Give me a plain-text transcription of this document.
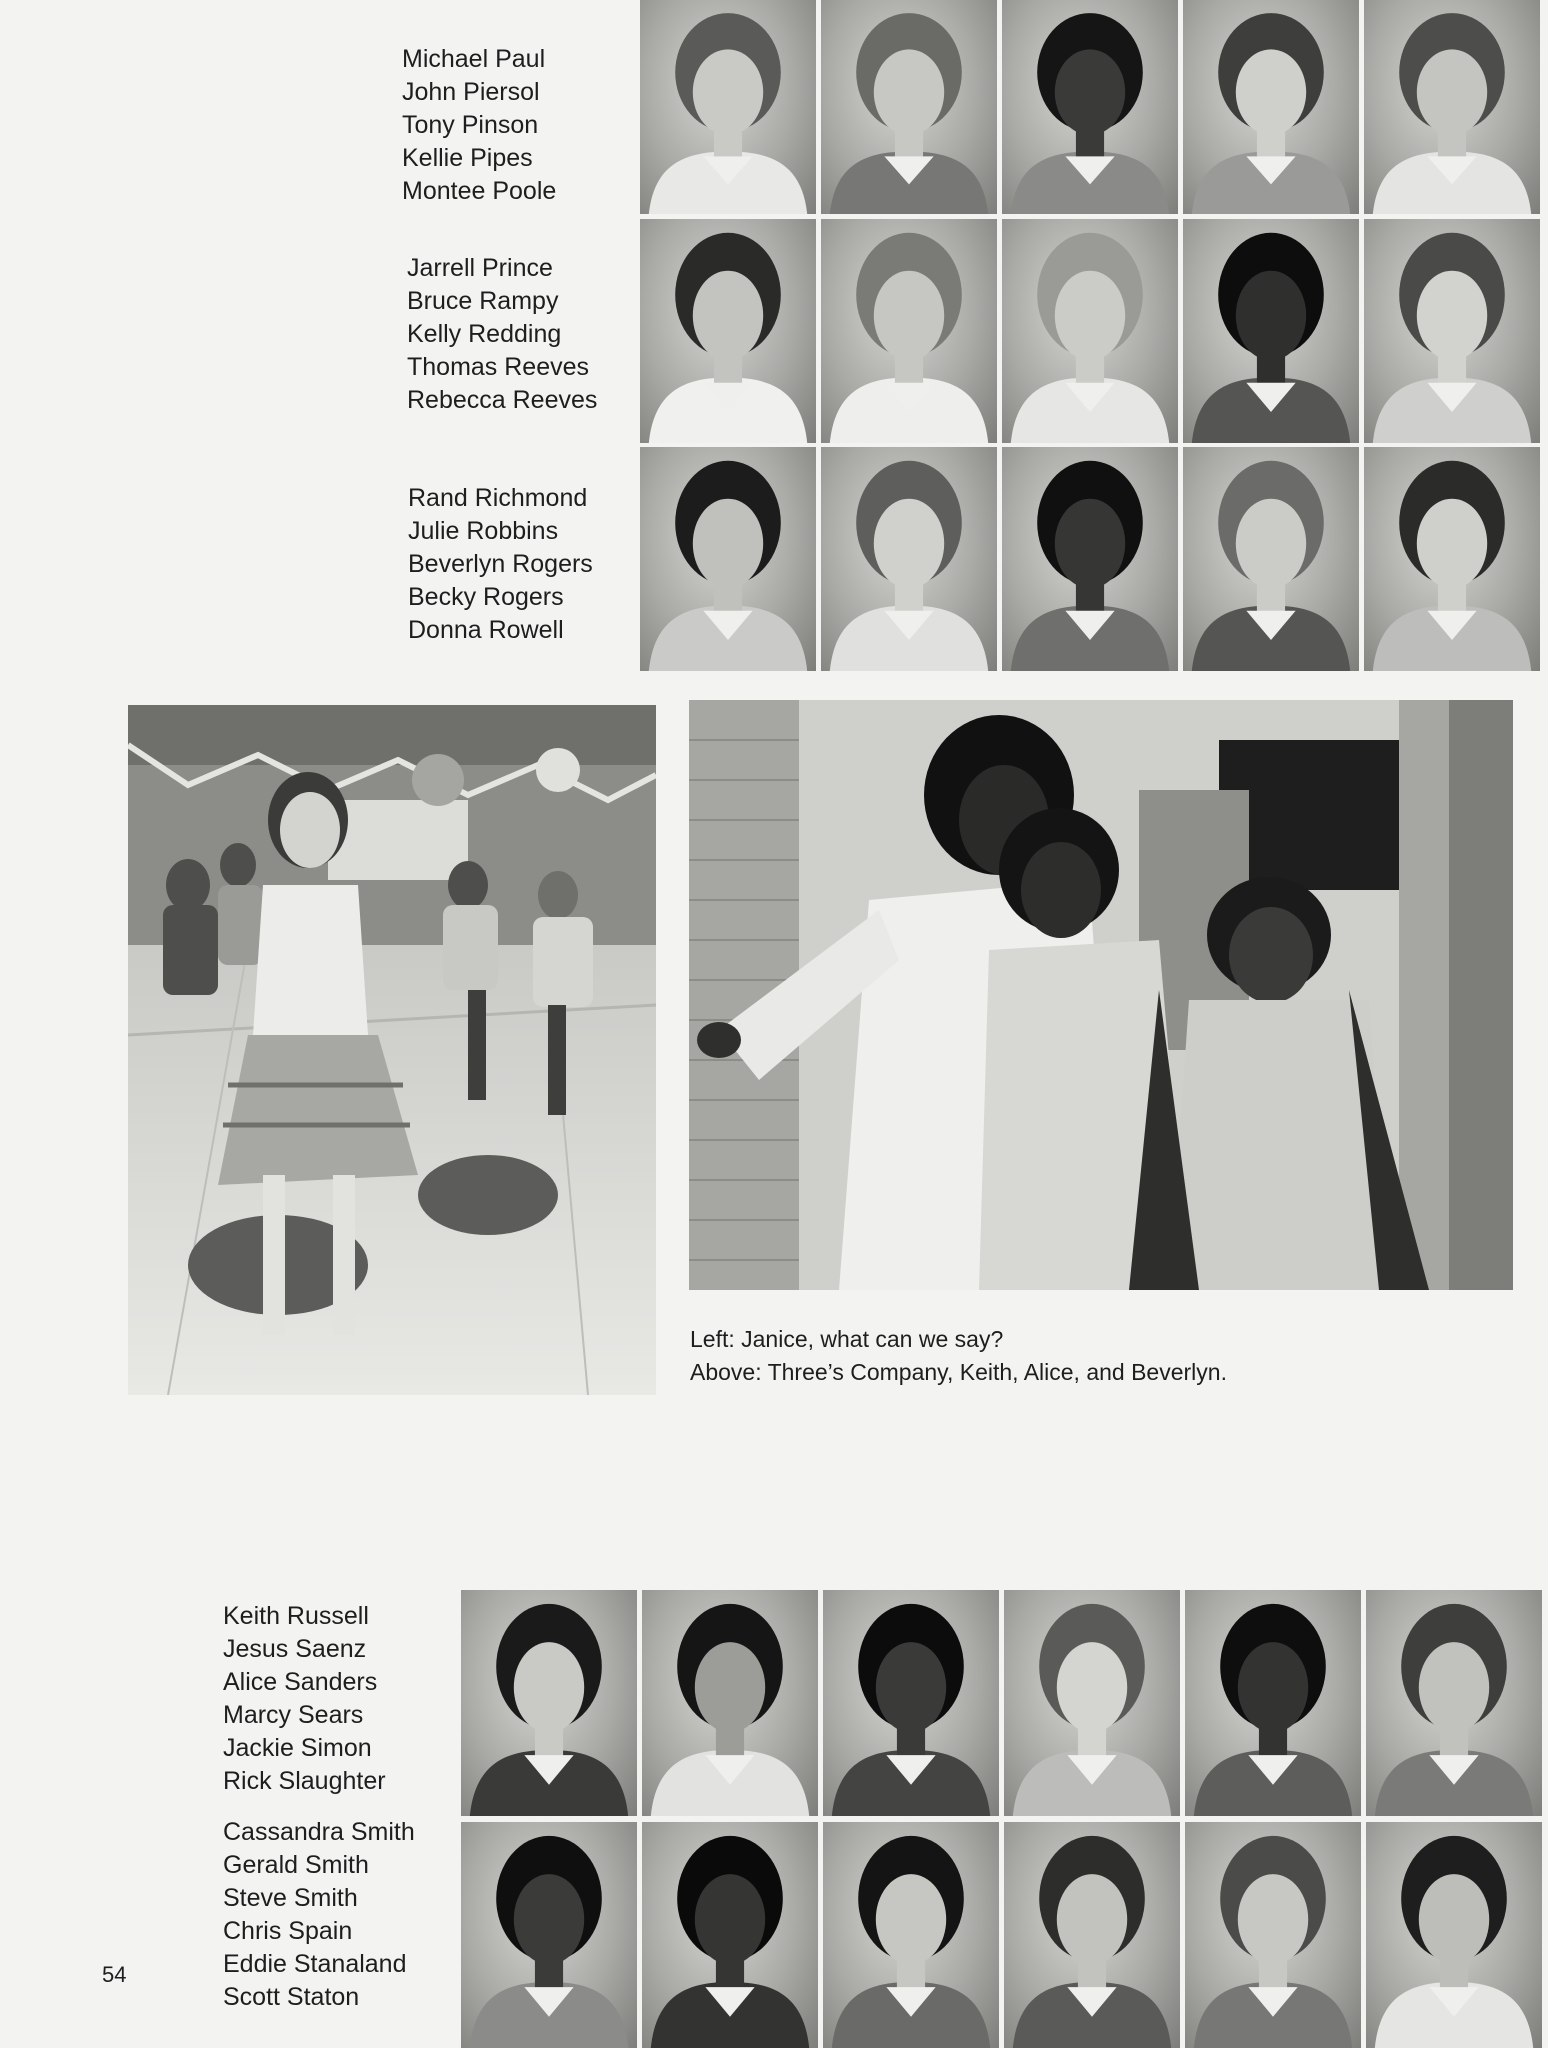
Michael Paul
John Piersol
Tony Pinson
Kellie Pipes
Montee Poole
Jarrell Prince
Bruce Rampy
Kelly Redding
Thomas Reeves
Rebecca Reeves
Rand Richmond
Julie Robbins
Beverlyn Rogers
Becky Rogers
Donna Rowell
Left: Janice, what can we say?
Above: Three’s Company, Keith, Alice, and Beverlyn.
Keith Russell
Jesus Saenz
Alice Sanders
Marcy Sears
Jackie Simon
Rick Slaughter
Cassandra Smith
Gerald Smith
Steve Smith
Chris Spain
Eddie Stanaland
Scott Staton
54
